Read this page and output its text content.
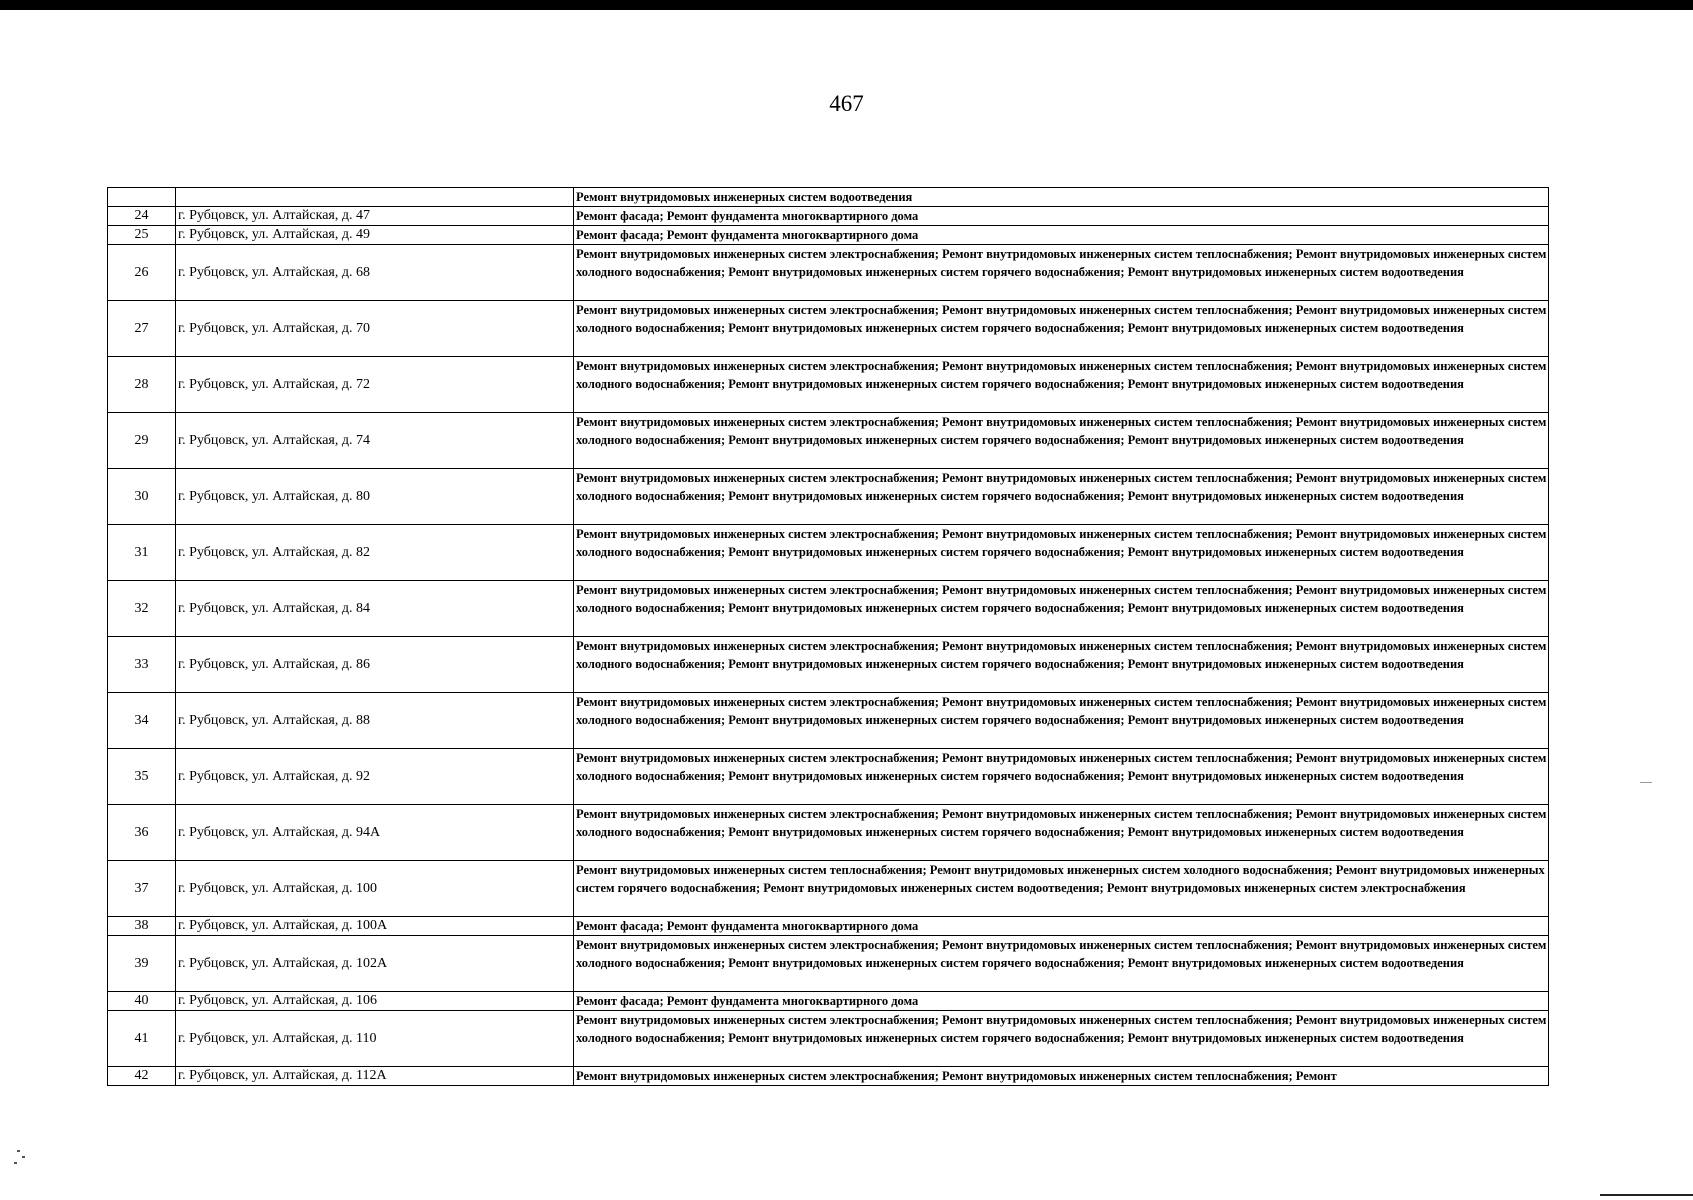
467
		Ремонт внутридомовых инженерных систем водоотведения
24	г. Рубцовск, ул. Алтайская, д. 47	Ремонт фасада; Ремонт фундамента многоквартирного дома
25	г. Рубцовск, ул. Алтайская, д. 49	Ремонт фасада; Ремонт фундамента многоквартирного дома
26	г. Рубцовск, ул. Алтайская, д. 68	Ремонт внутридомовых инженерных систем электроснабжения; Ремонт внутридомовых инженерных систем теплоснабжения; Ремонт внутридомовых инженерных систем холодного водоснабжения; Ремонт внутридомовых инженерных систем горячего водоснабжения; Ремонт внутридомовых инженерных систем водоотведения
27	г. Рубцовск, ул. Алтайская, д. 70	Ремонт внутридомовых инженерных систем электроснабжения; Ремонт внутридомовых инженерных систем теплоснабжения; Ремонт внутридомовых инженерных систем холодного водоснабжения; Ремонт внутридомовых инженерных систем горячего водоснабжения; Ремонт внутридомовых инженерных систем водоотведения
28	г. Рубцовск, ул. Алтайская, д. 72	Ремонт внутридомовых инженерных систем электроснабжения; Ремонт внутридомовых инженерных систем теплоснабжения; Ремонт внутридомовых инженерных систем холодного водоснабжения; Ремонт внутридомовых инженерных систем горячего водоснабжения; Ремонт внутридомовых инженерных систем водоотведения
29	г. Рубцовск, ул. Алтайская, д. 74	Ремонт внутридомовых инженерных систем электроснабжения; Ремонт внутридомовых инженерных систем теплоснабжения; Ремонт внутридомовых инженерных систем холодного водоснабжения; Ремонт внутридомовых инженерных систем горячего водоснабжения; Ремонт внутридомовых инженерных систем водоотведения
30	г. Рубцовск, ул. Алтайская, д. 80	Ремонт внутридомовых инженерных систем электроснабжения; Ремонт внутридомовых инженерных систем теплоснабжения; Ремонт внутридомовых инженерных систем холодного водоснабжения; Ремонт внутридомовых инженерных систем горячего водоснабжения; Ремонт внутридомовых инженерных систем водоотведения
31	г. Рубцовск, ул. Алтайская, д. 82	Ремонт внутридомовых инженерных систем электроснабжения; Ремонт внутридомовых инженерных систем теплоснабжения; Ремонт внутридомовых инженерных систем холодного водоснабжения; Ремонт внутридомовых инженерных систем горячего водоснабжения; Ремонт внутридомовых инженерных систем водоотведения
32	г. Рубцовск, ул. Алтайская, д. 84	Ремонт внутридомовых инженерных систем электроснабжения; Ремонт внутридомовых инженерных систем теплоснабжения; Ремонт внутридомовых инженерных систем холодного водоснабжения; Ремонт внутридомовых инженерных систем горячего водоснабжения; Ремонт внутридомовых инженерных систем водоотведения
33	г. Рубцовск, ул. Алтайская, д. 86	Ремонт внутридомовых инженерных систем электроснабжения; Ремонт внутридомовых инженерных систем теплоснабжения; Ремонт внутридомовых инженерных систем холодного водоснабжения; Ремонт внутридомовых инженерных систем горячего водоснабжения; Ремонт внутридомовых инженерных систем водоотведения
34	г. Рубцовск, ул. Алтайская, д. 88	Ремонт внутридомовых инженерных систем электроснабжения; Ремонт внутридомовых инженерных систем теплоснабжения; Ремонт внутридомовых инженерных систем холодного водоснабжения; Ремонт внутридомовых инженерных систем горячего водоснабжения; Ремонт внутридомовых инженерных систем водоотведения
35	г. Рубцовск, ул. Алтайская, д. 92	Ремонт внутридомовых инженерных систем электроснабжения; Ремонт внутридомовых инженерных систем теплоснабжения; Ремонт внутридомовых инженерных систем холодного водоснабжения; Ремонт внутридомовых инженерных систем горячего водоснабжения; Ремонт внутридомовых инженерных систем водоотведения
36	г. Рубцовск, ул. Алтайская, д. 94А	Ремонт внутридомовых инженерных систем электроснабжения; Ремонт внутридомовых инженерных систем теплоснабжения; Ремонт внутридомовых инженерных систем холодного водоснабжения; Ремонт внутридомовых инженерных систем горячего водоснабжения; Ремонт внутридомовых инженерных систем водоотведения
37	г. Рубцовск, ул. Алтайская, д. 100	Ремонт внутридомовых инженерных систем теплоснабжения; Ремонт внутридомовых инженерных систем холодного водоснабжения; Ремонт внутридомовых инженерных систем горячего водоснабжения; Ремонт внутридомовых инженерных систем водоотведения; Ремонт внутридомовых инженерных систем электроснабжения
38	г. Рубцовск, ул. Алтайская, д. 100А	Ремонт фасада; Ремонт фундамента многоквартирного дома
39	г. Рубцовск, ул. Алтайская, д. 102А	Ремонт внутридомовых инженерных систем электроснабжения; Ремонт внутридомовых инженерных систем теплоснабжения; Ремонт внутридомовых инженерных систем холодного водоснабжения; Ремонт внутридомовых инженерных систем горячего водоснабжения; Ремонт внутридомовых инженерных систем водоотведения
40	г. Рубцовск, ул. Алтайская, д. 106	Ремонт фасада; Ремонт фундамента многоквартирного дома
41	г. Рубцовск, ул. Алтайская, д. 110	Ремонт внутридомовых инженерных систем электроснабжения; Ремонт внутридомовых инженерных систем теплоснабжения; Ремонт внутридомовых инженерных систем холодного водоснабжения; Ремонт внутридомовых инженерных систем горячего водоснабжения; Ремонт внутридомовых инженерных систем водоотведения
42	г. Рубцовск, ул. Алтайская, д. 112А	Ремонт внутридомовых инженерных систем электроснабжения; Ремонт внутридомовых инженерных систем теплоснабжения; Ремонт
